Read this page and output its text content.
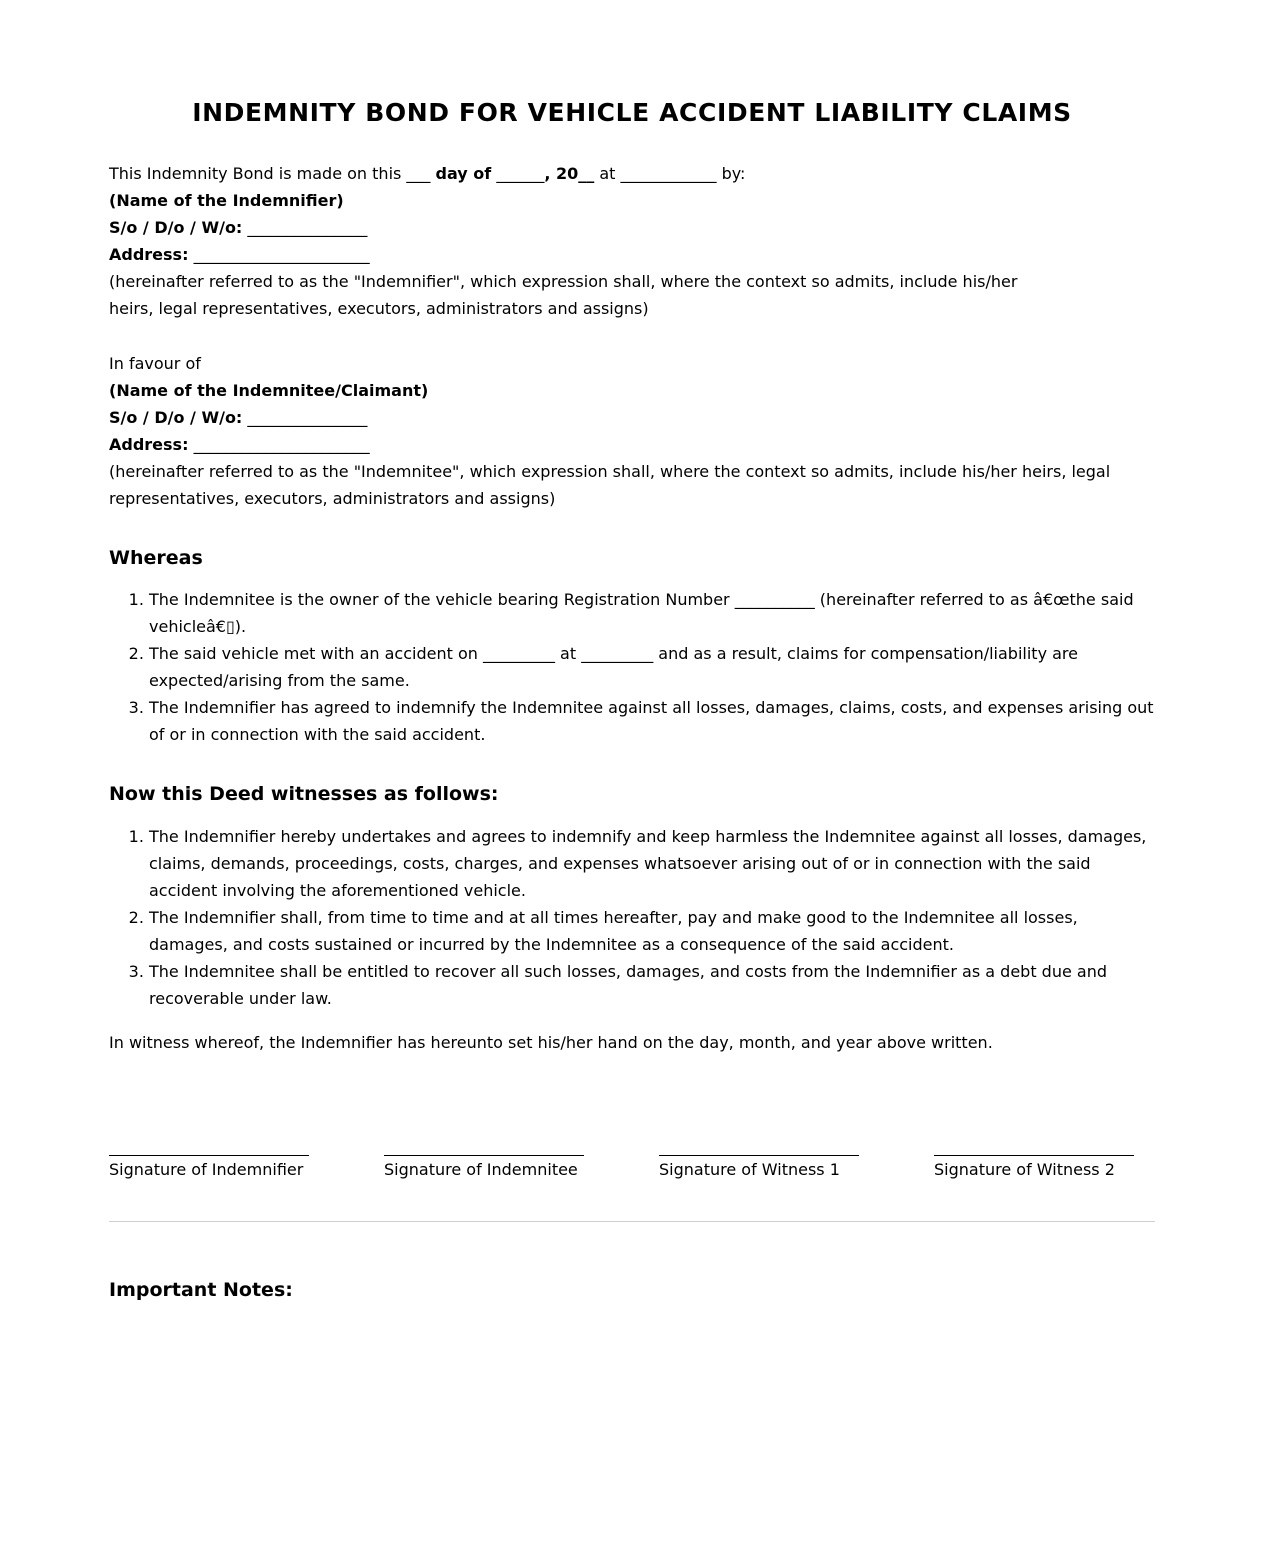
INDEMNITY BOND FOR VEHICLE ACCIDENT LIABILITY CLAIMS
This Indemnity Bond is made on this ___ day of ______, 20__ at ____________ by:
(Name of the Indemnifier)
S/o / D/o / W/o: _______________
Address: ______________________
(hereinafter referred to as the "Indemnifier", which expression shall, where the context so admits, include his/her heirs, legal representatives, executors, administrators and assigns)
In favour of
(Name of the Indemnitee/Claimant)
S/o / D/o / W/o: _______________
Address: ______________________
(hereinafter referred to as the "Indemnitee", which expression shall, where the context so admits, include his/her heirs, legal representatives, executors, administrators and assigns)
Whereas
1. The Indemnitee is the owner of the vehicle bearing Registration Number __________ (hereinafter referred to as â€œthe said vehicleâ€▯).
2. The said vehicle met with an accident on _________ at _________ and as a result, claims for compensation/liability are expected/arising from the same.
3. The Indemnifier has agreed to indemnify the Indemnitee against all losses, damages, claims, costs, and expenses arising out of or in connection with the said accident.
Now this Deed witnesses as follows:
1. The Indemnifier hereby undertakes and agrees to indemnify and keep harmless the Indemnitee against all losses, damages, claims, demands, proceedings, costs, charges, and expenses whatsoever arising out of or in connection with the said accident involving the aforementioned vehicle.
2. The Indemnifier shall, from time to time and at all times hereafter, pay and make good to the Indemnitee all losses, damages, and costs sustained or incurred by the Indemnitee as a consequence of the said accident.
3. The Indemnitee shall be entitled to recover all such losses, damages, and costs from the Indemnifier as a debt due and recoverable under law.
In witness whereof, the Indemnifier has hereunto set his/her hand on the day, month, and year above written.
Signature of Indemnifier	Signature of Indemnitee	Signature of Witness 1	Signature of Witness 2
Important Notes:
